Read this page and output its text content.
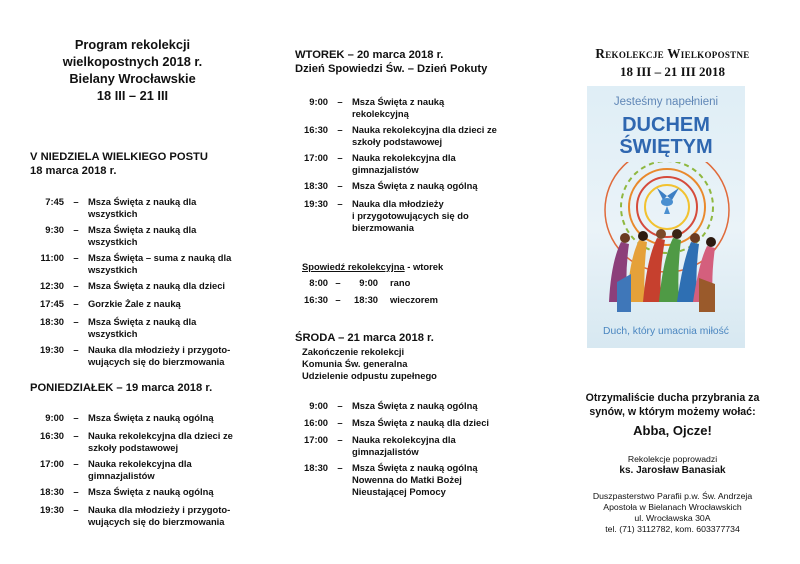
Program rekolekcji
wielkopostnych 2018 r.
Bielany Wrocławskie
18 III – 21 III
V NIEDZIELA WIELKIEGO POSTU
18 marca 2018 r.
7:45 – Msza Święta z nauką dla
wszystkich
9:30 – Msza Święta z nauką dla
wszystkich
11:00 – Msza Święta – suma z nauką dla
wszystkich
12:30 – Msza Święta z nauką dla dzieci
17:45 – Gorzkie Żale z nauką
18:30 – Msza Święta z nauką dla
wszystkich
19:30 – Nauka dla młodzieży i przygoto-
wujących się do bierzmowania
PONIEDZIAŁEK – 19 marca 2018 r.
9:00 – Msza Święta z nauką ogólną
16:30 – Nauka rekolekcyjna dla dzieci ze
szkoły podstawowej
17:00 – Nauka rekolekcyjna dla
gimnazjalistów
18:30 – Msza Święta z nauką ogólną
19:30 – Nauka dla młodzieży i przygoto-
wujących się do bierzmowania
WTOREK – 20 marca 2018 r.
Dzień Spowiedzi Św. – Dzień Pokuty
9:00 – Msza Święta z nauką
rekolekcyjną
16:30 – Nauka rekolekcyjna dla dzieci ze
szkoły podstawowej
17:00 – Nauka rekolekcyjna dla
gimnazjalistów
18:30 – Msza Święta z nauką ogólną
19:30 – Nauka dla młodzieży
i przygotowujących się do
bierzmowania
Spowiedź rekolekcyjna - wtorek
8:00 –	9:00	rano
16:30 –	18:30	wieczorem
ŚRODA – 21 marca 2018 r.
Zakończenie rekolekcji
Komunia Św. generalna
Udzielenie odpustu zupełnego
9:00 – Msza Święta z nauką ogólną
16:00 – Msza Święta z nauką dla dzieci
17:00 – Nauka rekolekcyjna dla
gimnazjalistów
18:30 – Msza Święta z nauką ogólną
Nowenna do Matki Bożej
Nieustającej Pomocy
Rekolekcje Wielkopostne
18 III – 21 III 2018
Jesteśmy napełnieni
DUCHEM
ŚWIĘTYM
Duch, który umacnia miłość
Otrzymaliście ducha przybrania za
synów, w którym możemy wołać:
Abba, Ojcze!
Rekolekcje poprowadzi
ks. Jarosław Banasiak
Duszpasterstwo Parafii p.w. Św. Andrzeja
Apostoła w Bielanach Wrocławskich
ul. Wrocławska 30A
tel. (71) 3112782, kom. 603377734
